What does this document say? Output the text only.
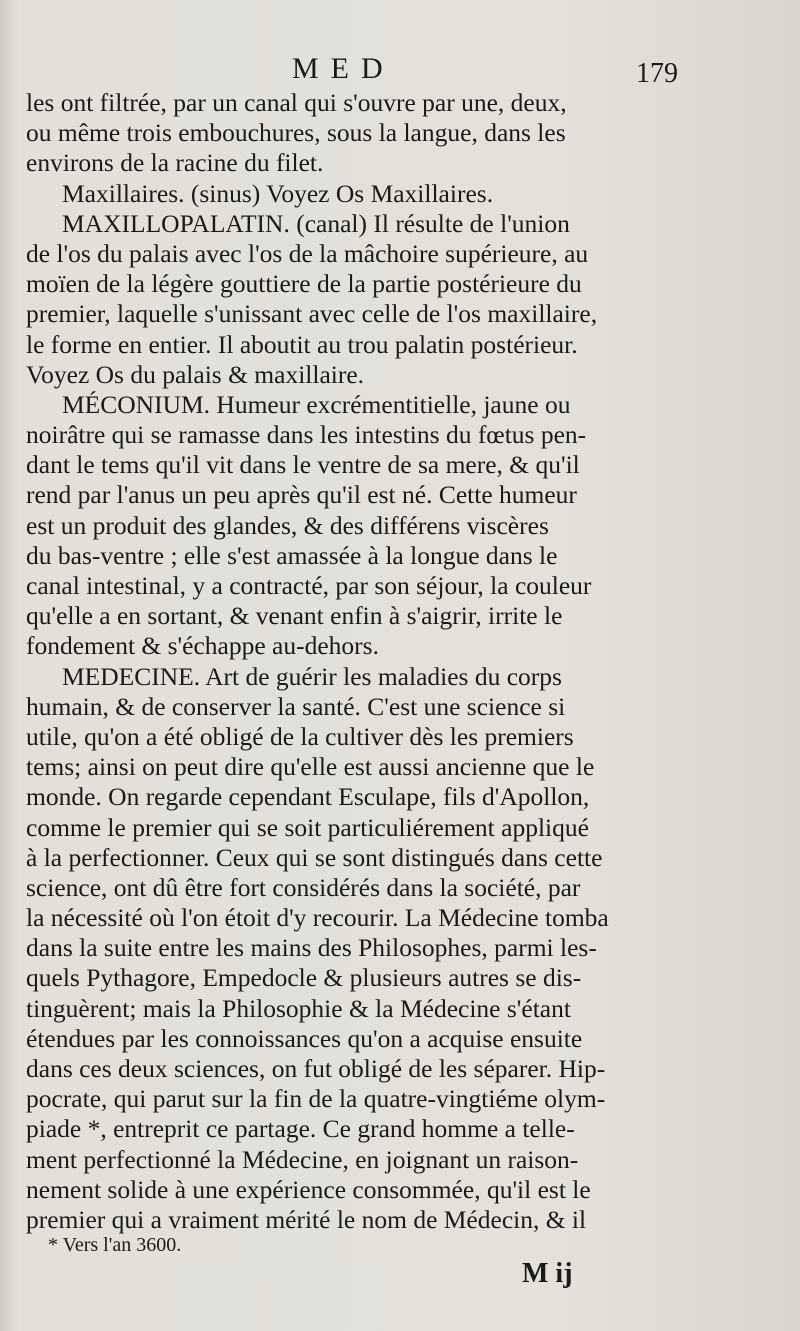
MED	179
les ont filtrée, par un canal qui s'ouvre par une, deux,
ou même trois embouchures, sous la langue, dans les
environs de la racine du filet.
Maxillaires. (sinus) Voyez Os Maxillaires.
MAXILLOPALATIN. (canal) Il résulte de l'union
de l'os du palais avec l'os de la mâchoire supérieure, au
moïen de la légère gouttiere de la partie postérieure du
premier, laquelle s'unissant avec celle de l'os maxillaire,
le forme en entier. Il aboutit au trou palatin postérieur.
Voyez Os du palais & maxillaire.
MÉCONIUM. Humeur excrémentitielle, jaune ou
noirâtre qui se ramasse dans les intestins du fœtus pen-
dant le tems qu'il vit dans le ventre de sa mere, & qu'il
rend par l'anus un peu après qu'il est né. Cette humeur
est un produit des glandes, & des différens viscères
du bas-ventre ; elle s'est amassée à la longue dans le
canal intestinal, y a contracté, par son séjour, la couleur
qu'elle a en sortant, & venant enfin à s'aigrir, irrite le
fondement & s'échappe au-dehors.
MEDECINE. Art de guérir les maladies du corps
humain, & de conserver la santé. C'est une science si
utile, qu'on a été obligé de la cultiver dès les premiers
tems; ainsi on peut dire qu'elle est aussi ancienne que le
monde. On regarde cependant Esculape, fils d'Apollon,
comme le premier qui se soit particuliérement appliqué
à la perfectionner. Ceux qui se sont distingués dans cette
science, ont dû être fort considérés dans la société, par
la nécessité où l'on étoit d'y recourir. La Médecine tomba
dans la suite entre les mains des Philosophes, parmi les-
quels Pythagore, Empedocle & plusieurs autres se dis-
tinguèrent; mais la Philosophie & la Médecine s'étant
étendues par les connoissances qu'on a acquise ensuite
dans ces deux sciences, on fut obligé de les séparer. Hip-
pocrate, qui parut sur la fin de la quatre-vingtiéme olym-
piade *, entreprit ce partage. Ce grand homme a telle-
ment perfectionné la Médecine, en joignant un raison-
nement solide à une expérience consommée, qu'il est le
premier qui a vraiment mérité le nom de Médecin, & il
* Vers l'an 3600.
M ij
